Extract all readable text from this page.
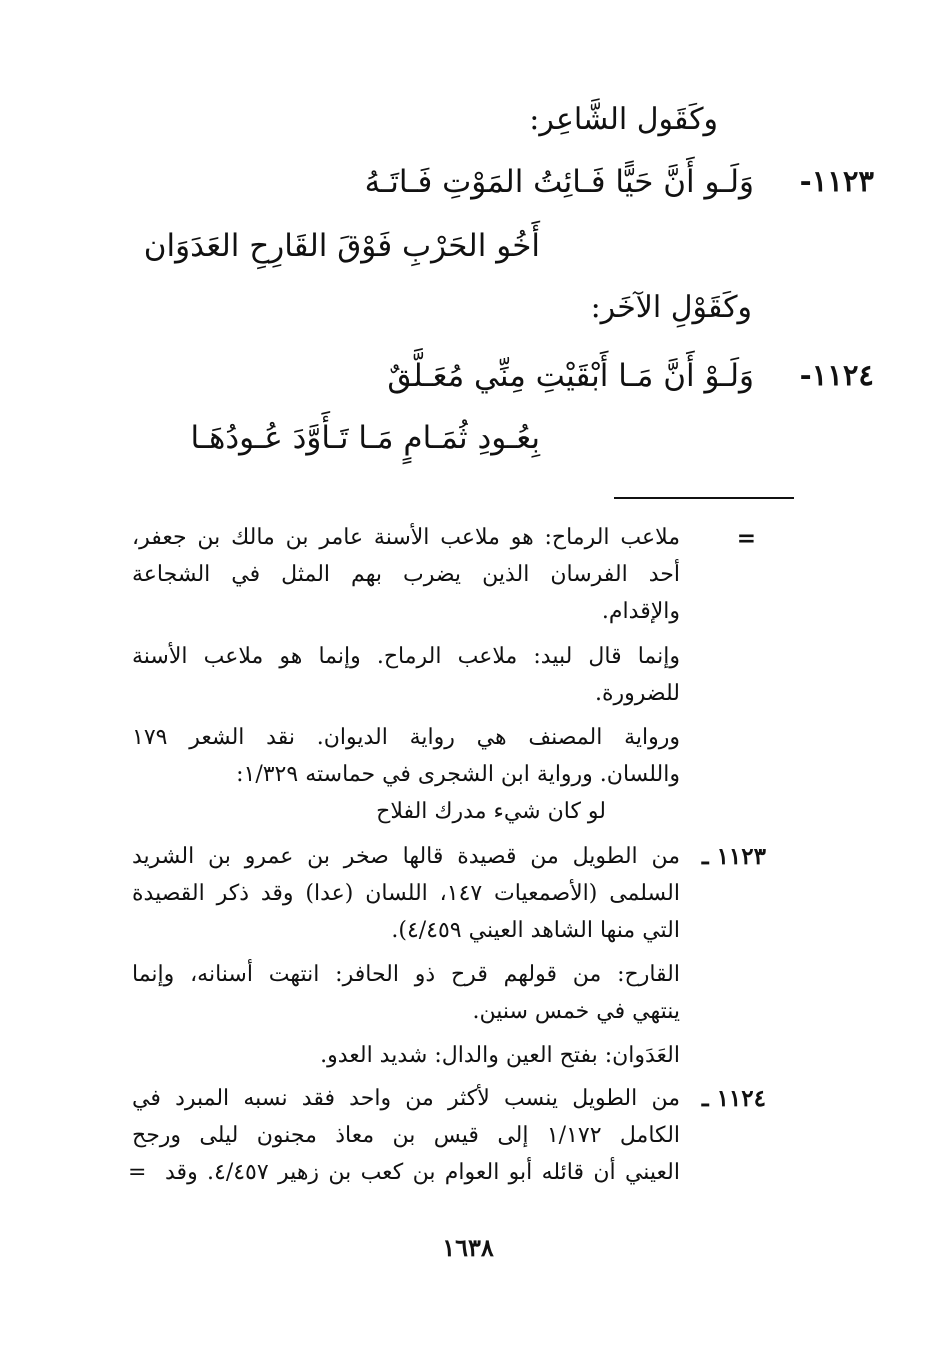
وكَقَول الشَّاعِر:
١١٢٣-
وَلَـو أَنَّ حَيًّا فَـائِتُ المَوْتِ فَـاتَـهُ
أَخُو الحَرْبِ فَوْقَ القَارِحِ العَدَوَان
وكَقَوْلِ الآخَر:
١١٢٤-
وَلَـوْ أَنَّ مَـا أَبْقَيْتِ مِنِّي مُعَـلَّقٌ
بِعُـودِ ثُمَـامٍ مَـا تَـأَوَّدَ عُـودُهَـا
=
ملاعب الرماح: هو ملاعب الأسنة عامر بن مالك بن جعفر،
أحد الفرسان الذين يضرب بهم المثل في الشجاعة
والإقدام.
وإنما قال لبيد: ملاعب الرماح. وإنما هو ملاعب الأسنة
للضرورة.
ورواية المصنف هي رواية الديوان. نقد الشعر ١٧٩
واللسان. ورواية ابن الشجرى في حماسته ١/٣٢٩:
لو كان شيء مدرك الفلاح
١١٢٣ ـ
من الطويل من قصيدة قالها صخر بن عمرو بن الشريد
السلمى (الأصمعيات ١٤٧، اللسان (عدا) وقد ذكر القصيدة
التي منها الشاهد العيني ٤/٤٥٩).
القارح: من قولهم قرح ذو الحافر: انتهت أسنانه، وإنما
ينتهي في خمس سنين.
العَدَوان: بفتح العين والدال: شديد العدو.
١١٢٤ ـ
من الطويل ينسب لأكثر من واحد فقد نسبه المبرد في
الكامل ١/١٧٢ إلى قيس بن معاذ مجنون ليلى ورجح
العيني أن قائله أبو العوام بن كعب بن زهير ٤/٤٥٧. وقد
=
١٦٣٨
